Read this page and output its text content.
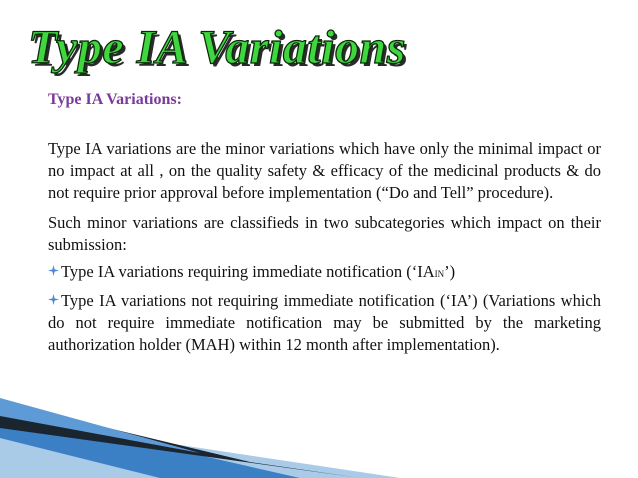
Type IA Variations
Type IA Variations:

Type IA variations are the minor variations which have only the minimal impact or no impact at all , on the quality safety & efficacy of the medicinal products & do not require prior approval before implementation (“Do and Tell” procedure).

Such minor variations are classifieds in two subcategories which impact on their submission:

Type IA variations requiring immediate notification (‘IAIN’)
Type IA variations not requiring immediate notification (‘IA’) (Variations which do not require immediate notification may be submitted by the marketing authorization holder (MAH) within 12 month after implementation).
